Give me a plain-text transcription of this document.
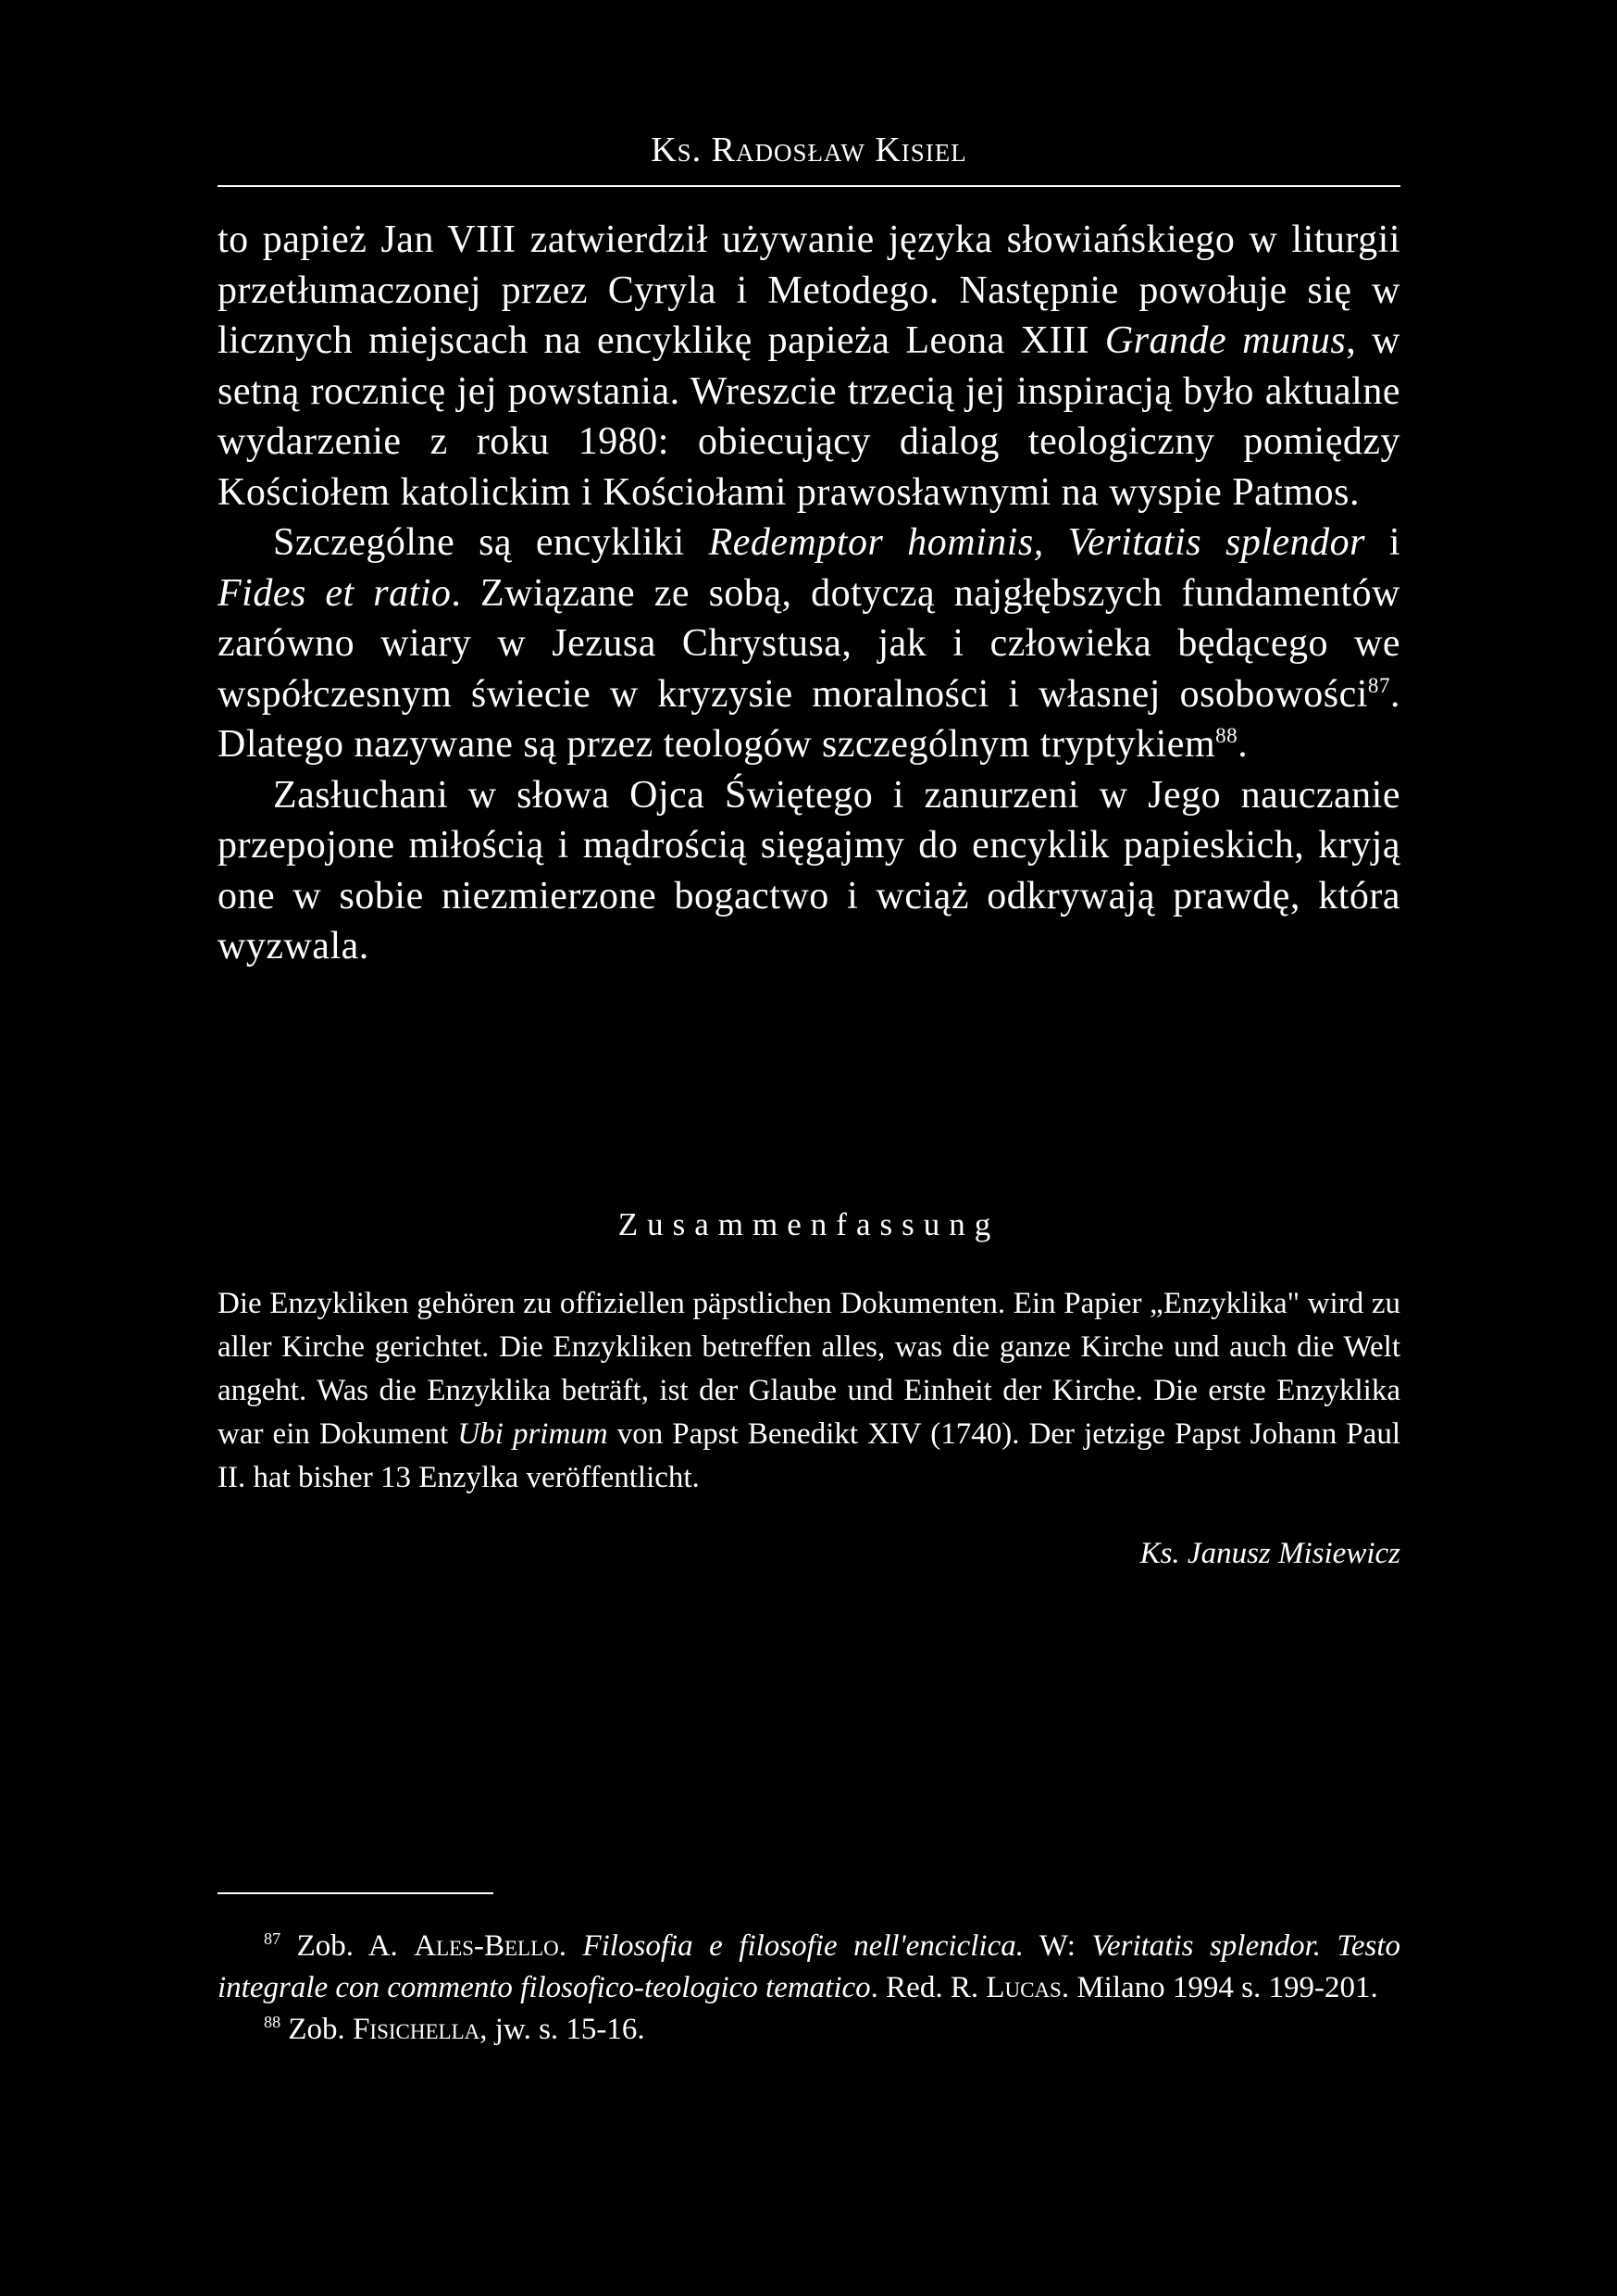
Ks. Radosław Kisiel

to papież Jan VIII zatwierdził używanie języka słowiańskiego w liturgii przetłumaczonej przez Cyryla i Metodego. Następnie powołuje się w licznych miejscach na encyklikę papieża Leona XIII Grande munus, w setną rocznicę jej powstania. Wreszcie trzecią jej inspiracją było aktualne wydarzenie z roku 1980: obiecujący dialog teologiczny pomiędzy Kościołem katolickim i Kościołami prawosławnymi na wyspie Patmos.

Szczególne są encykliki Redemptor hominis, Veritatis splendor i Fides et ratio. Związane ze sobą, dotyczą najgłębszych fundamentów zarówno wiary w Jezusa Chrystusa, jak i człowieka będącego we współczesnym świecie w kryzysie moralności i własnej osobowości$^{87}$. Dlatego nazywane są przez teologów szczególnym tryptykiem$^{88}$.

Zasłuchani w słowa Ojca Świętego i zanurzeni w Jego nauczanie przepojone miłością i mądrością sięgajmy do encyklik papieskich, kryją one w sobie niezmierzone bogactwo i wciąż odkrywają prawdę, która wyzwala.

Zusammenfassung

Die Enzykliken gehören zu offiziellen päpstlichen Dokumenten. Ein Papier „Enzyklika" wird zu aller Kirche gerichtet. Die Enzykliken betreffen alles, was die ganze Kirche und auch die Welt angeht. Was die Enzyklika beträft, ist der Glaube und Einheit der Kirche. Die erste Enzyklika war ein Dokument Ubi primum von Papst Benedikt XIV (1740). Der jetzige Papst Johann Paul II. hat bisher 13 Enzylka veröffentlicht.

Ks. Janusz Misiewicz

$^{87}$ Zob. A. Ales-Bello. Filosofia e filosofie nell'enciclica. W: Veritatis splendor. Testo integrale con commento filosofico-teologico tematico. Red. R. Lucas. Milano 1994 s. 199-201.

$^{88}$ Zob. Fisichella, jw. s. 15-16.
